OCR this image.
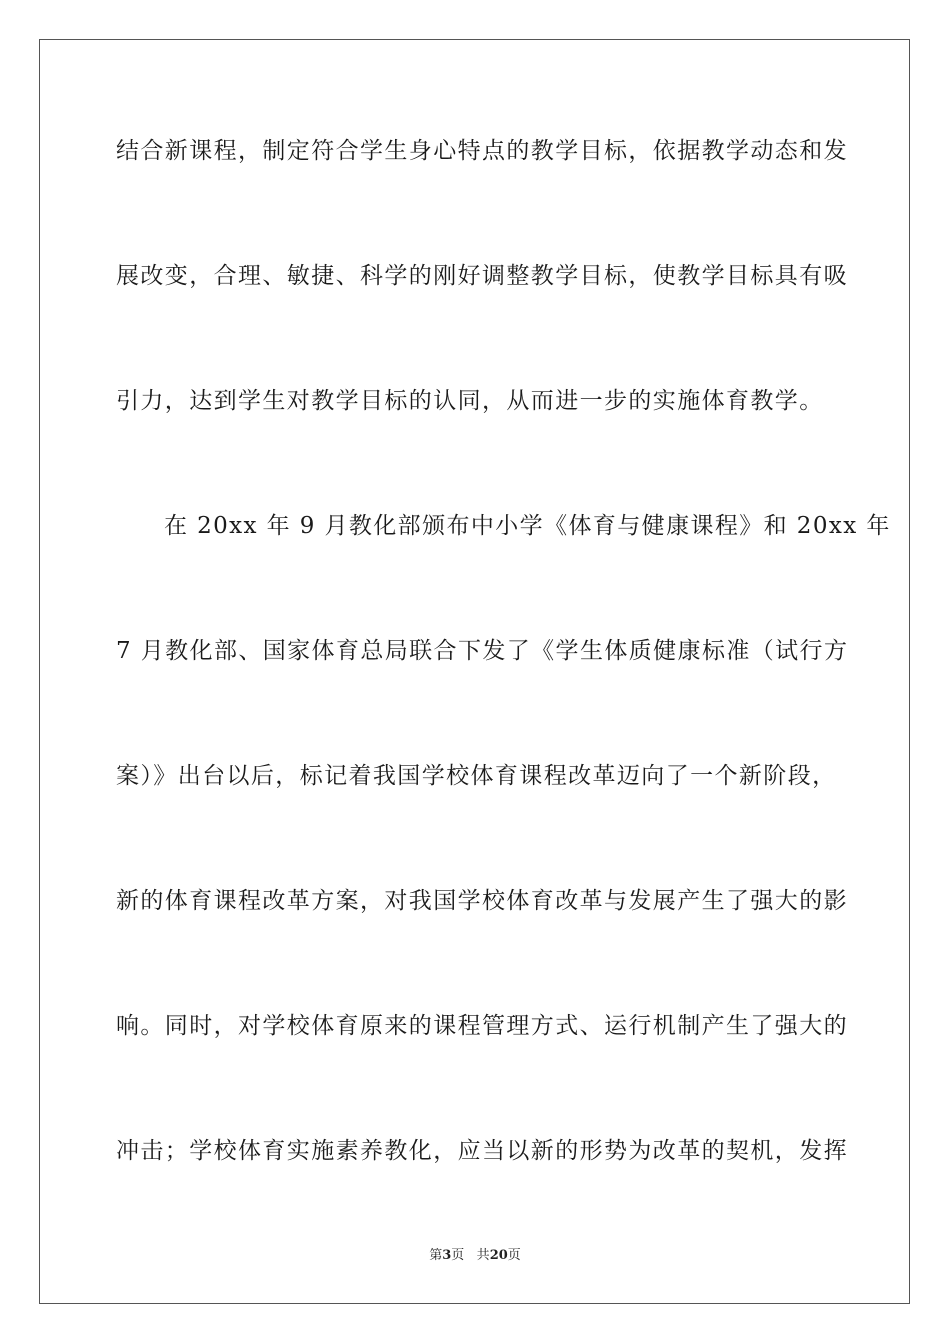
结合新课程，制定符合学生身心特点的教学目标，依据教学动态和发
展改变，合理、敏捷、科学的刚好调整教学目标，使教学目标具有吸
引力，达到学生对教学目标的认同，从而进一步的实施体育教学。
在 20xx 年 9 月教化部颁布中小学《体育与健康课程》和 20xx 年
7 月教化部、国家体育总局联合下发了《学生体质健康标准（试行方
案）》出台以后，标记着我国学校体育课程改革迈向了一个新阶段，
新的体育课程改革方案，对我国学校体育改革与发展产生了强大的影
响。同时，对学校体育原来的课程管理方式、运行机制产生了强大的
冲击；学校体育实施素养教化，应当以新的形势为改革的契机，发挥
第3页 共20页
